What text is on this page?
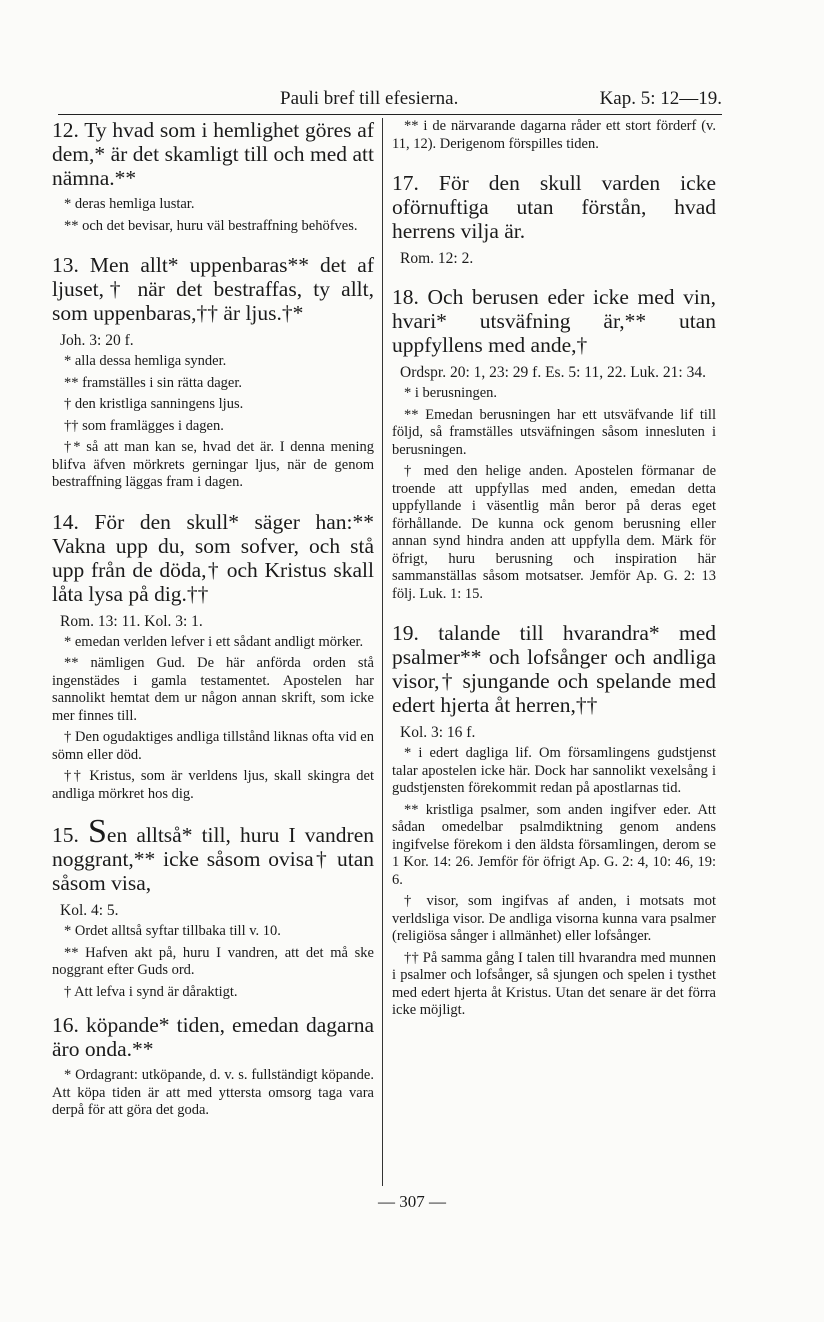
Pauli bref till efesierna.	Kap. 5: 12—19.
12. Ty hvad som i hemlighet göres af dem,* är det skamligt till och med att nämna.**
* deras hemliga lustar.
** och det bevisar, huru väl bestraffning behöfves.
13. Men allt* uppenbaras** det af ljuset,† när det bestraffas, ty allt, som uppenbaras,†† är ljus.†*
Joh. 3: 20 f.
* alla dessa hemliga synder.
** framställes i sin rätta dager.
† den kristliga sanningens ljus.
†† som framlägges i dagen.
†* så att man kan se, hvad det är. I denna mening blifva äfven mörkrets gerningar ljus, när de genom bestraffning läggas fram i dagen.
14. För den skull* säger han:** Vakna upp du, som sofver, och stå upp från de döda,† och Kristus skall låta lysa på dig.††
Rom. 13: 11. Kol. 3: 1.
* emedan verlden lefver i ett sådant andligt mörker.
** nämligen Gud. De här anförda orden stå ingenstädes i gamla testamentet. Apostelen har sannolikt hemtat dem ur någon annan skrift, som icke mer finnes till.
† Den ogudaktiges andliga tillstånd liknas ofta vid en sömn eller död.
†† Kristus, som är verldens ljus, skall skingra det andliga mörkret hos dig.
15. Sen alltså* till, huru I vandren noggrant,** icke såsom ovisa† utan såsom visa,
Kol. 4: 5.
* Ordet alltså syftar tillbaka till v. 10.
** Hafven akt på, huru I vandren, att det må ske noggrant efter Guds ord.
† Att lefva i synd är dåraktigt.
16. köpande* tiden, emedan dagarna äro onda.**
* Ordagrant: utköpande, d. v. s. fullständigt köpande. Att köpa tiden är att med yttersta omsorg taga vara derpå för att göra det goda.
** i de närvarande dagarna råder ett stort förderf (v. 11, 12). Derigenom förspilles tiden.
17. För den skull varden icke oförnuftiga utan förstån, hvad herrens vilja är.
Rom. 12: 2.
18. Och berusen eder icke med vin, hvari* utsväfning är,** utan uppfyllens med ande,†
Ordspr. 20: 1, 23: 29 f. Es. 5: 11, 22. Luk. 21: 34.
* i berusningen.
** Emedan berusningen har ett utsväfvande lif till följd, så framställes utsväfningen såsom innesluten i berusningen.
† med den helige anden. Apostelen förmanar de troende att uppfyllas med anden, emedan detta uppfyllande i väsentlig mån beror på deras eget förhållande. De kunna ock genom berusning eller annan synd hindra anden att uppfylla dem. Märk för öfrigt, huru berusning och inspiration här sammanställas såsom motsatser. Jemför Ap. G. 2: 13 följ. Luk. 1: 15.
19. talande till hvarandra* med psalmer** och lofsånger och andliga visor,† sjungande och spelande med edert hjerta åt herren,††
Kol. 3: 16 f.
* i edert dagliga lif. Om församlingens gudstjenst talar apostelen icke här. Dock har sannolikt vexelsång i gudstjensten förekommit redan på apostlarnas tid.
** kristliga psalmer, som anden ingifver eder. Att sådan omedelbar psalmdiktning genom andens ingifvelse förekom i den äldsta församlingen, derom se 1 Kor. 14: 26. Jemför för öfrigt Ap. G. 2: 4, 10: 46, 19: 6.
† visor, som ingifvas af anden, i motsats mot verldsliga visor. De andliga visorna kunna vara psalmer (religiösa sånger i allmänhet) eller lofsånger.
†† På samma gång I talen till hvarandra med munnen i psalmer och lofsånger, så sjungen och spelen i tysthet med edert hjerta åt Kristus. Utan det senare är det förra icke möjligt.
— 307 —
